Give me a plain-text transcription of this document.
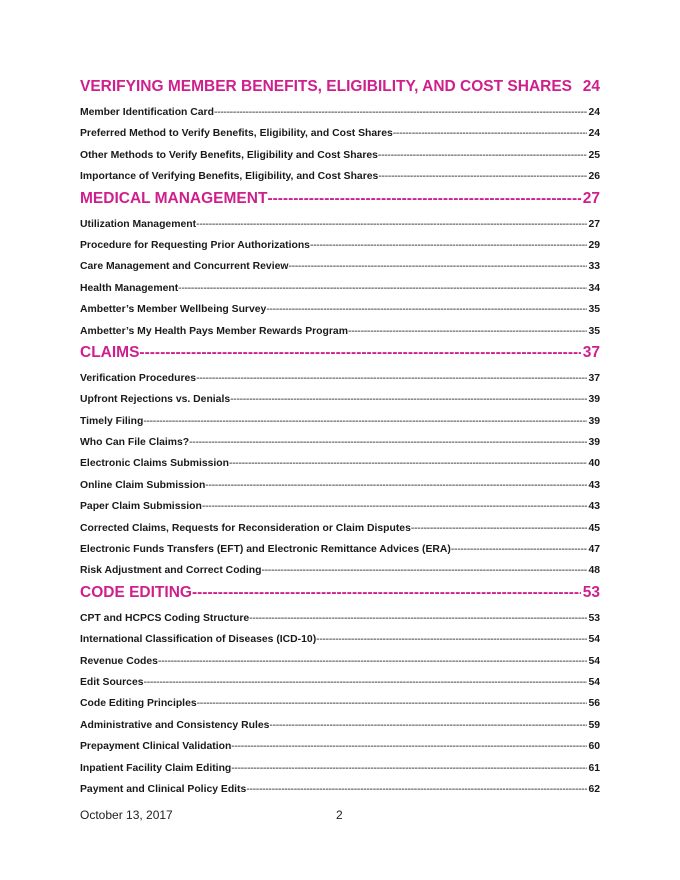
VERIFYING MEMBER BENEFITS, ELIGIBILITY, AND COST SHARES 24
Member Identification Card -----	24
Preferred Method to Verify Benefits, Eligibility, and Cost Shares -----	24
Other Methods to Verify Benefits, Eligibility and Cost Shares -----	25
Importance of Verifying Benefits, Eligibility, and Cost Shares -----	26
MEDICAL MANAGEMENT -----	27
Utilization Management -----	27
Procedure for Requesting Prior Authorizations -----	29
Care Management and Concurrent Review -----	33
Health Management -----	34
Ambetter’s Member Wellbeing Survey -----	35
Ambetter’s My Health Pays Member Rewards Program -----	35
CLAIMS -----	37
Verification Procedures -----	37
Upfront Rejections vs. Denials -----	39
Timely Filing -----	39
Who Can File Claims? -----	39
Electronic Claims Submission -----	40
Online Claim Submission -----	43
Paper Claim Submission -----	43
Corrected Claims, Requests for Reconsideration or Claim Disputes -----	45
Electronic Funds Transfers (EFT) and Electronic Remittance Advices (ERA) -----	47
Risk Adjustment and Correct Coding -----	48
CODE EDITING -----	53
CPT and HCPCS Coding Structure -----	53
International Classification of Diseases (ICD-10) -----	54
Revenue Codes -----	54
Edit Sources -----	54
Code Editing Principles -----	56
Administrative and Consistency Rules -----	59
Prepayment Clinical Validation -----	60
Inpatient Facility Claim Editing -----	61
Payment and Clinical Policy Edits -----	62
October 13, 2017	2
